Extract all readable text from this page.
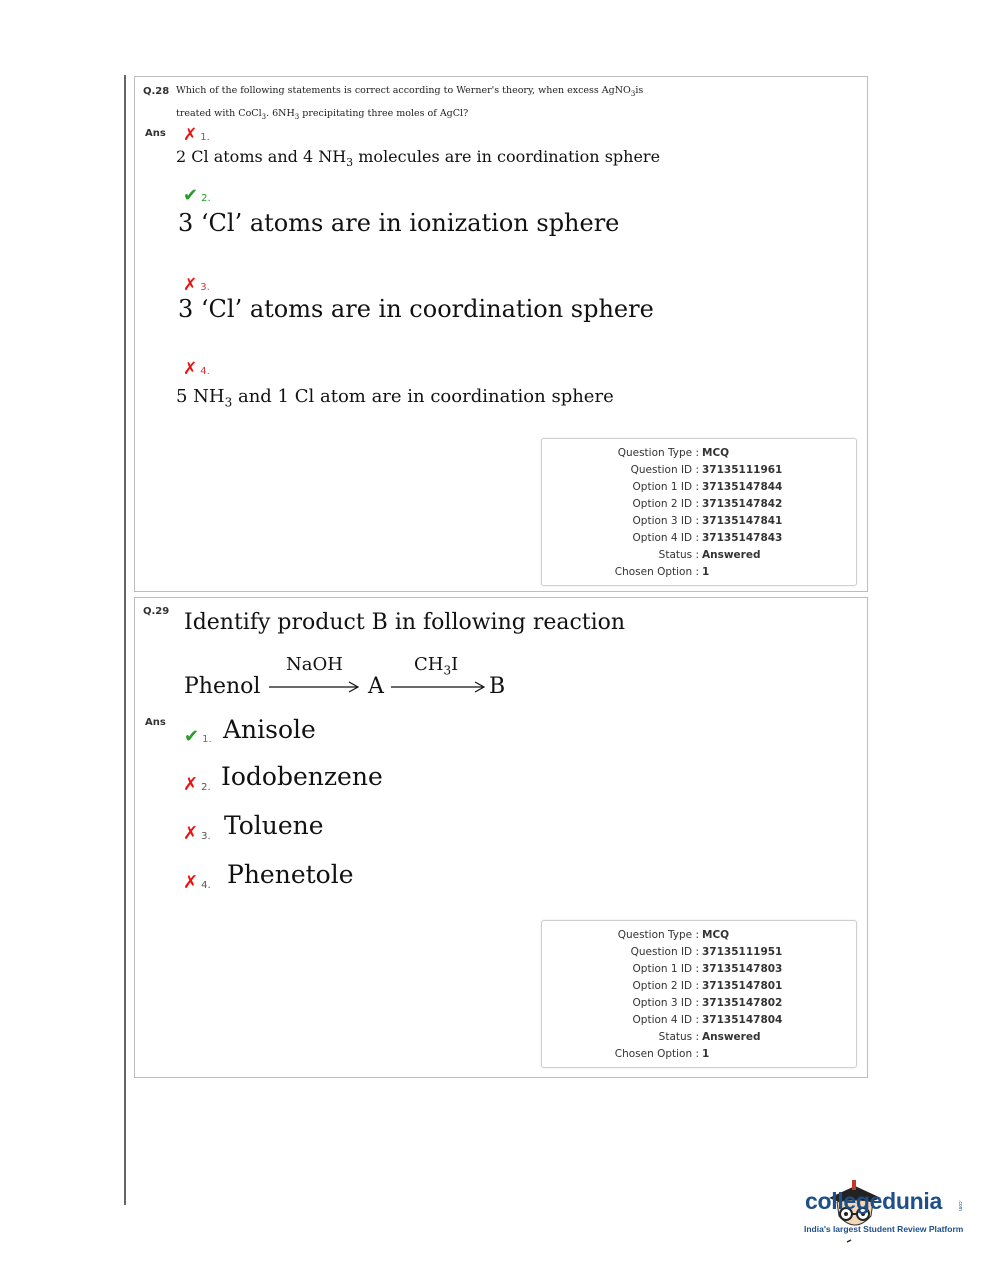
Q.28 Which of the following statements is correct according to Werner's theory, when excess AgNO$_3$is
treated with CoCl$_3$. $6NH_3$ precipitating three moles of AgCl?
Ans ✗ 1.
2 Cl atoms and 4 $NH_3$ molecules are in coordination sphere
✔ 2.
3 ‘Cl’ atoms are in ionization sphere
✗ 3.
3 ‘Cl’ atoms are in coordination sphere
✗ 4.
5 $NH_3$ and 1 Cl atom are in coordination sphere
Question Type : MCQ
Question ID : 37135111961
Option 1 ID : 37135147844
Option 2 ID : 37135147842
Option 3 ID : 37135147841
Option 4 ID : 37135147843
Status : Answered
Chosen Option : 1
Q.29 Identify product B in following reaction
Phenol
NaOH
A
$CH_3I$
B
Ans
✔ 1. Anisole
✗ 2. Iodobenzene
✗ 3. Toluene
✗ 4. Phenetole
Question Type : MCQ
Question ID : 37135111951
Option 1 ID : 37135147803
Option 2 ID : 37135147801
Option 3 ID : 37135147802
Option 4 ID : 37135147804
Status : Answered
Chosen Option : 1
collegedunia	.com
India's largest Student Review Platform
